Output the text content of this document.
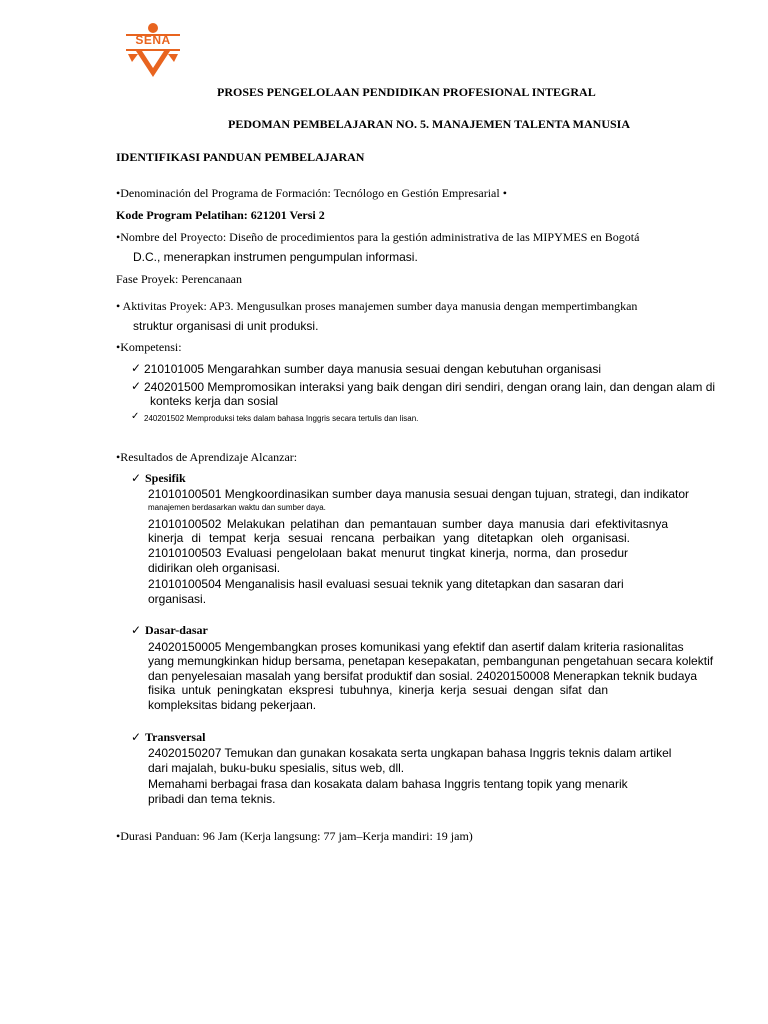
SENA
PROSES PENGELOLAAN PENDIDIKAN PROFESIONAL INTEGRAL
PEDOMAN PEMBELAJARAN NO. 5. MANAJEMEN TALENTA MANUSIA
IDENTIFIKASI PANDUAN PEMBELAJARAN
•Denominación del Programa de Formación: Tecnólogo en Gestión Empresarial •
Kode Program Pelatihan: 621201 Versi 2
•Nombre del Proyecto: Diseño de procedimientos para la gestión administrativa de las MIPYMES en Bogotá
D.C., menerapkan instrumen pengumpulan informasi.
Fase Proyek: Perencanaan
• Aktivitas Proyek: AP3. Mengusulkan proses manajemen sumber daya manusia dengan mempertimbangkan
struktur organisasi di unit produksi.
•Kompetensi:
✓ 210101005 Mengarahkan sumber daya manusia sesuai dengan kebutuhan organisasi
✓ 240201500 Mempromosikan interaksi yang baik dengan diri sendiri, dengan orang lain, dan dengan alam di
konteks kerja dan sosial
✓ 240201502 Memproduksi teks dalam bahasa Inggris secara tertulis dan lisan.
•Resultados de Aprendizaje Alcanzar:
✓ Spesifik
21010100501 Mengkoordinasikan sumber daya manusia sesuai dengan tujuan, strategi, dan indikator
manajemen berdasarkan waktu dan sumber daya.
21010100502 Melakukan pelatihan dan pemantauan sumber daya manusia dari efektivitasnya
kinerja di tempat kerja sesuai rencana perbaikan yang ditetapkan oleh organisasi.
21010100503 Evaluasi pengelolaan bakat menurut tingkat kinerja, norma, dan prosedur
didirikan oleh organisasi.
21010100504 Menganalisis hasil evaluasi sesuai teknik yang ditetapkan dan sasaran dari
organisasi.
✓ Dasar-dasar
24020150005 Mengembangkan proses komunikasi yang efektif dan asertif dalam kriteria rasionalitas
yang memungkinkan hidup bersama, penetapan kesepakatan, pembangunan pengetahuan secara kolektif
dan penyelesaian masalah yang bersifat produktif dan sosial. 24020150008 Menerapkan teknik budaya
fisika untuk peningkatan ekspresi tubuhnya, kinerja kerja sesuai dengan sifat dan
kompleksitas bidang pekerjaan.
✓ Transversal
24020150207 Temukan dan gunakan kosakata serta ungkapan bahasa Inggris teknis dalam artikel
dari majalah, buku-buku spesialis, situs web, dll.
Memahami berbagai frasa dan kosakata dalam bahasa Inggris tentang topik yang menarik
pribadi dan tema teknis.
•Durasi Panduan: 96 Jam (Kerja langsung: 77 jam–Kerja mandiri: 19 jam)
